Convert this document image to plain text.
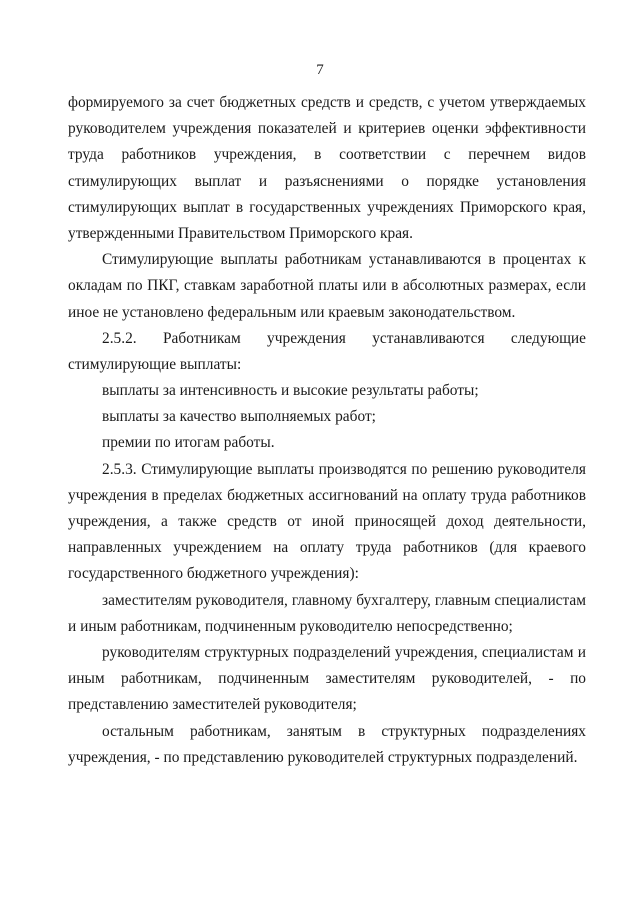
7
формируемого за счет бюджетных средств и средств, с учетом утверждаемых
руководителем учреждения показателей и критериев оценки эффективности
труда работников учреждения, в соответствии с перечнем видов
стимулирующих выплат и разъяснениями о порядке установления
стимулирующих выплат в государственных учреждениях Приморского края,
утвержденными Правительством Приморского края.
Стимулирующие выплаты работникам устанавливаются в процентах к
окладам по ПКГ, ставкам заработной платы или в абсолютных размерах, если
иное не установлено федеральным или краевым законодательством.
2.5.2. Работникам учреждения устанавливаются следующие
стимулирующие выплаты:
выплаты за интенсивность и высокие результаты работы;
выплаты за качество выполняемых работ;
премии по итогам работы.
2.5.3. Стимулирующие выплаты производятся по решению руководителя
учреждения в пределах бюджетных ассигнований на оплату труда работников
учреждения, а также средств от иной приносящей доход деятельности,
направленных учреждением на оплату труда работников (для краевого
государственного бюджетного учреждения):
заместителям руководителя, главному бухгалтеру, главным специалистам
и иным работникам, подчиненным руководителю непосредственно;
руководителям структурных подразделений учреждения, специалистам и
иным работникам, подчиненным заместителям руководителей, - по
представлению заместителей руководителя;
остальным работникам, занятым в структурных подразделениях
учреждения, - по представлению руководителей структурных подразделений.
